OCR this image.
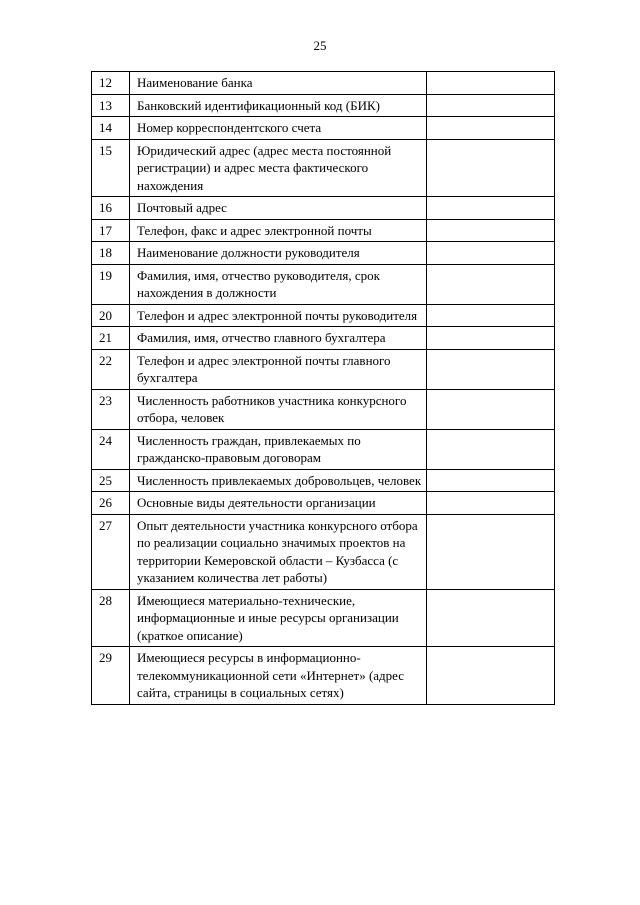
25
12	Наименование банка	
13	Банковский идентификационный код (БИК)	
14	Номер корреспондентского счета	
15	Юридический адрес (адрес места постоянной регистрации) и адрес места фактического нахождения	
16	Почтовый адрес	
17	Телефон, факс и адрес электронной почты	
18	Наименование должности руководителя	
19	Фамилия, имя, отчество руководителя, срок нахождения в должности	
20	Телефон и адрес электронной почты руководителя	
21	Фамилия, имя, отчество главного бухгалтера	
22	Телефон и адрес электронной почты главного бухгалтера	
23	Численность работников участника конкурсного отбора, человек	
24	Численность граждан, привлекаемых по гражданско-правовым договорам	
25	Численность привлекаемых добровольцев, человек	
26	Основные виды деятельности организации	
27	Опыт деятельности участника конкурсного отбора по реализации социально значимых проектов на территории Кемеровской области – Кузбасса (с указанием количества лет работы)	
28	Имеющиеся материально-технические, информационные и иные ресурсы организации (краткое описание)	
29	Имеющиеся ресурсы в информационно-телекоммуникационной сети «Интернет» (адрес сайта, страницы в социальных сетях)	
